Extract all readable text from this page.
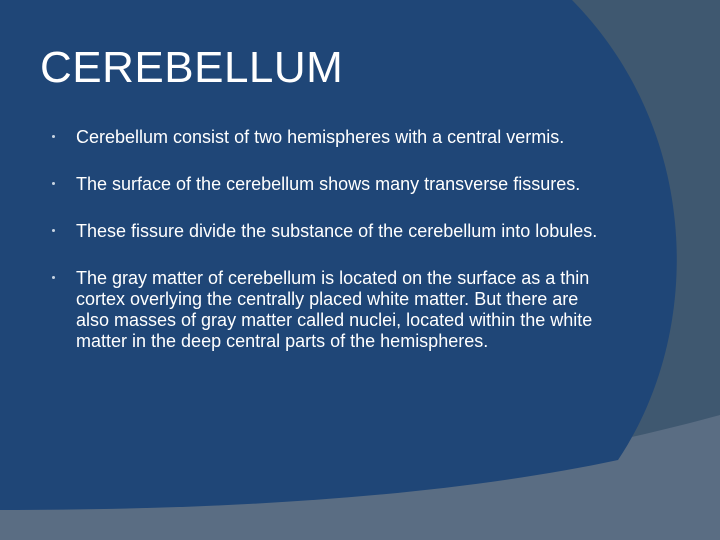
CEREBELLUM
Cerebellum consist of two hemispheres with a central vermis.
The surface of the cerebellum shows many transverse fissures.
These fissure divide the substance of the cerebellum into lobules.
The gray matter of cerebellum is located on the surface as a thin cortex overlying the centrally placed white matter. But there are also masses of gray matter called nuclei, located within the white matter in the deep central parts of the hemispheres.
